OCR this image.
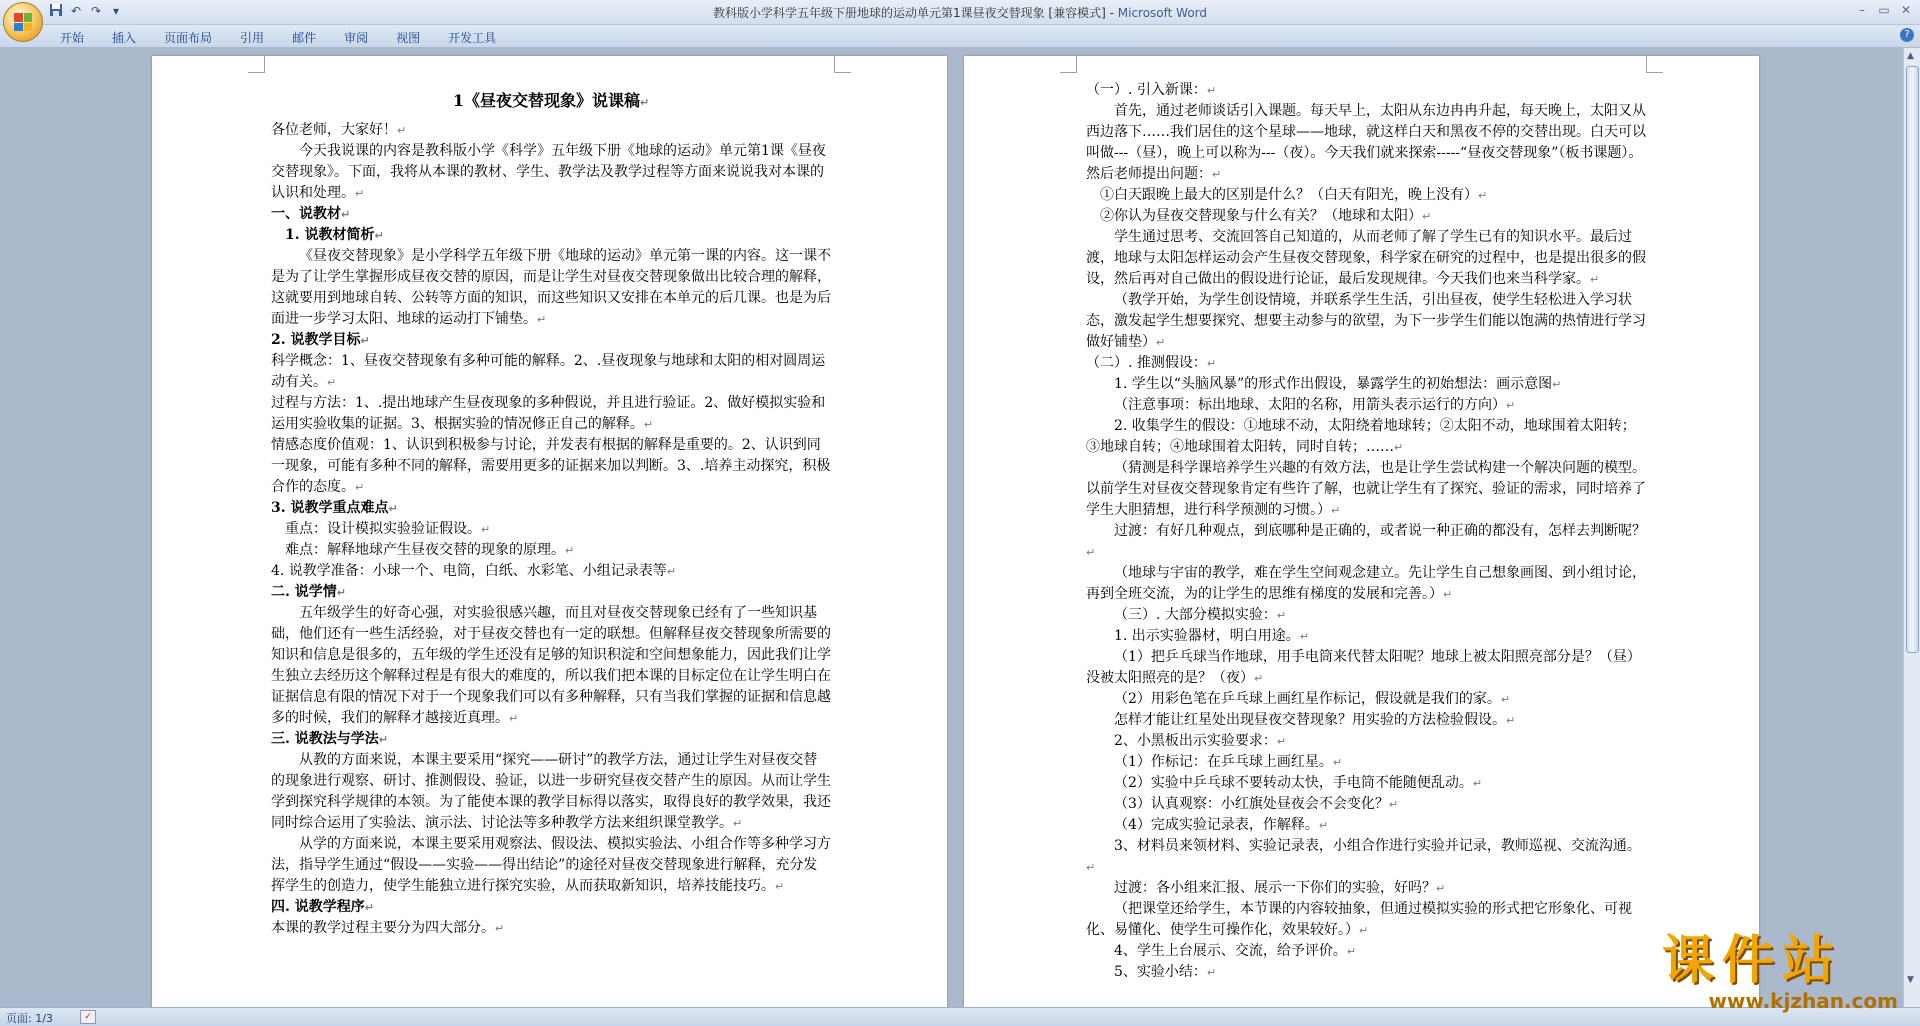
↶ ↷ ▾	教科版小学科学五年级下册地球的运动单元第1课昼夜交替现象 [兼容模式] - Microsoft Word	–	▭ ✕
开始	插入	页面布局	引用	邮件	审阅	视图	开发工具	?

1《昼夜交替现象》说课稿↵

各位老师，大家好！↵

今天我说课的内容是教科版小学《科学》五年级下册《地球的运动》单元第1课《昼夜交替现象》。下面，我将从本课的教材、学生、教学法及教学过程等方面来说说我对本课的认识和处理。↵

一、说教材↵

1. 说教材简析↵

《昼夜交替现象》是小学科学五年级下册《地球的运动》单元第一课的内容。这一课不是为了让学生掌握形成昼夜交替的原因，而是让学生对昼夜交替现象做出比较合理的解释，这就要用到地球自转、公转等方面的知识，而这些知识又安排在本单元的后几课。也是为后面进一步学习太阳、地球的运动打下铺垫。↵

2. 说教学目标↵

科学概念：1、昼夜交替现象有多种可能的解释。2、.昼夜现象与地球和太阳的相对圆周运动有关。↵

过程与方法：1、.提出地球产生昼夜现象的多种假说，并且进行验证。2、做好模拟实验和运用实验收集的证据。3、根据实验的情况修正自己的解释。↵

情感态度价值观：1、认识到积极参与讨论，并发表有根据的解释是重要的。2、认识到同一现象，可能有多种不同的解释，需要用更多的证据来加以判断。3、.培养主动探究，积极合作的态度。↵

3. 说教学重点难点↵

重点：设计模拟实验验证假设。↵

难点：解释地球产生昼夜交替的现象的原理。↵

4. 说教学准备：小球一个、电筒，白纸、水彩笔、小组记录表等↵

二. 说学情↵

五年级学生的好奇心强，对实验很感兴趣，而且对昼夜交替现象已经有了一些知识基础，他们还有一些生活经验，对于昼夜交替也有一定的联想。但解释昼夜交替现象所需要的知识和信息是很多的，五年级的学生还没有足够的知识积淀和空间想象能力，因此我们让学生独立去经历这个解释过程是有很大的难度的，所以我们把本课的目标定位在让学生明白在证据信息有限的情况下对于一个现象我们可以有多种解释，只有当我们掌握的证据和信息越多的时候，我们的解释才越接近真理。↵

三. 说教法与学法↵

从教的方面来说，本课主要采用“探究——研讨”的教学方法，通过让学生对昼夜交替的现象进行观察、研讨、推测假设、验证，以进一步研究昼夜交替产生的原因。从而让学生学到探究科学规律的本领。为了能使本课的教学目标得以落实，取得良好的教学效果，我还同时综合运用了实验法、演示法、讨论法等多种教学方法来组织课堂教学。↵

从学的方面来说，本课主要采用观察法、假设法、模拟实验法、小组合作等多种学习方法，指导学生通过“假设——实验——得出结论”的途径对昼夜交替现象进行解释，充分发挥学生的创造力，使学生能独立进行探究实验，从而获取新知识，培养技能技巧。↵

四. 说教学程序↵

本课的教学过程主要分为四大部分。↵

（一）. 引入新课：↵

首先，通过老师谈话引入课题。每天早上，太阳从东边冉冉升起，每天晚上，太阳又从西边落下……我们居住的这个星球——地球，就这样白天和黑夜不停的交替出现。白天可以叫做---（昼），晚上可以称为---（夜）。今天我们就来探索-----“昼夜交替现象”（板书课题）。然后老师提出问题：↵

①白天跟晚上最大的区别是什么？（白天有阳光，晚上没有）↵

②你认为昼夜交替现象与什么有关？（地球和太阳）↵

学生通过思考、交流回答自己知道的，从而老师了解了学生已有的知识水平。最后过渡，地球与太阳怎样运动会产生昼夜交替现象，科学家在研究的过程中，也是提出很多的假设，然后再对自己做出的假设进行论证，最后发现规律。今天我们也来当科学家。↵

（教学开始，为学生创设情境，并联系学生生活，引出昼夜，使学生轻松进入学习状态，激发起学生想要探究、想要主动参与的欲望，为下一步学生们能以饱满的热情进行学习做好铺垫）↵

（二）. 推测假设：↵

1. 学生以“头脑风暴”的形式作出假设，暴露学生的初始想法：画示意图↵

（注意事项：标出地球、太阳的名称，用箭头表示运行的方向）↵

2. 收集学生的假设：①地球不动，太阳绕着地球转；②太阳不动，地球围着太阳转；③地球自转；④地球围着太阳转，同时自转；……↵

（猜测是科学课培养学生兴趣的有效方法，也是让学生尝试构建一个解决问题的模型。以前学生对昼夜交替现象肯定有些许了解，也就让学生有了探究、验证的需求，同时培养了学生大胆猜想，进行科学预测的习惯。）↵

过渡：有好几种观点，到底哪种是正确的，或者说一种正确的都没有，怎样去判断呢？↵

（地球与宇宙的教学，难在学生空间观念建立。先让学生自己想象画图、到小组讨论，再到全班交流，为的让学生的思维有梯度的发展和完善。）↵

（三）. 大部分模拟实验：↵

1. 出示实验器材，明白用途。↵

（1）把乒乓球当作地球，用手电筒来代替太阳呢？地球上被太阳照亮部分是？（昼）没被太阳照亮的是？（夜）↵

（2）用彩色笔在乒乓球上画红星作标记，假设就是我们的家。↵

怎样才能让红星处出现昼夜交替现象？用实验的方法检验假设。↵

2、小黑板出示实验要求：↵

（1）作标记：在乒乓球上画红星。↵

（2）实验中乒乓球不要转动太快，手电筒不能随便乱动。↵

（3）认真观察：小红旗处昼夜会不会变化？↵

（4）完成实验记录表，作解释。↵

3、材料员来领材料、实验记录表，小组合作进行实验并记录，教师巡视、交流沟通。↵

过渡：各小组来汇报、展示一下你们的实验，好吗？↵

（把课堂还给学生，本节课的内容较抽象，但通过模拟实验的形式把它形象化、可视化、易懂化、使学生可操作化，效果较好。）↵

4、学生上台展示、交流，给予评价。↵

5、实验小结：↵

▲
▼
页面: 1/3	✓
课件站
www.kjzhan.com
